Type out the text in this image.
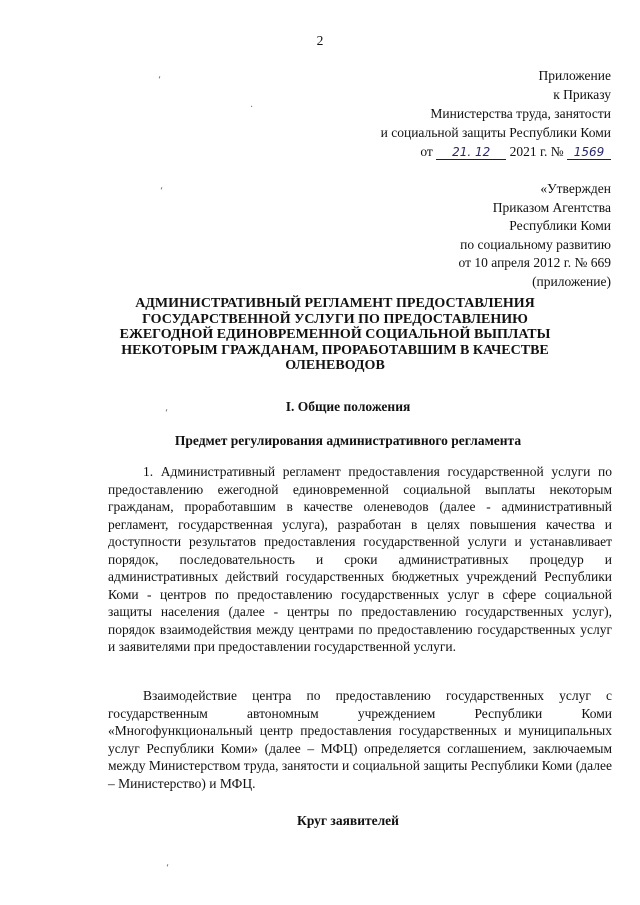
2
Приложение
к Приказу
Министерства труда, занятости
и социальной защиты Республики Коми
от 21. 12 2021 г. № 1569
«Утвержден
Приказом Агентства
Республики Коми
по социальному развитию
от 10 апреля 2012 г. № 669
(приложение)
АДМИНИСТРАТИВНЫЙ РЕГЛАМЕНТ ПРЕДОСТАВЛЕНИЯ
ГОСУДАРСТВЕННОЙ УСЛУГИ ПО ПРЕДОСТАВЛЕНИЮ
ЕЖЕГОДНОЙ ЕДИНОВРЕМЕННОЙ СОЦИАЛЬНОЙ ВЫПЛАТЫ
НЕКОТОРЫМ ГРАЖДАНАМ, ПРОРАБОТАВШИМ В КАЧЕСТВЕ
ОЛЕНЕВОДОВ
I. Общие положения
Предмет регулирования административного регламента
1. Административный регламент предоставления государственной услуги по предоставлению ежегодной единовременной социальной выплаты некоторым гражданам, проработавшим в качестве оленеводов (далее - административный регламент, государственная услуга), разработан в целях повышения качества и доступности результатов предоставления государственной услуги и устанавливает порядок, последовательность и сроки административных процедур и административных действий государственных бюджетных учреждений Республики Коми - центров по предоставлению государственных услуг в сфере социальной защиты населения (далее - центры по предоставлению государственных услуг), порядок взаимодействия между центрами по предоставлению государственных услуг и заявителями при предоставлении государственной услуги.
Взаимодействие центра по предоставлению государственных услуг с государственным автономным учреждением Республики Коми «Многофункциональный центр предоставления государственных и муниципальных услуг Республики Коми» (далее – МФЦ) определяется соглашением, заключаемым между Министерством труда, занятости и социальной защиты Республики Коми (далее – Министерство) и МФЦ.
Круг заявителей
‘
.
‘
‘
‘
